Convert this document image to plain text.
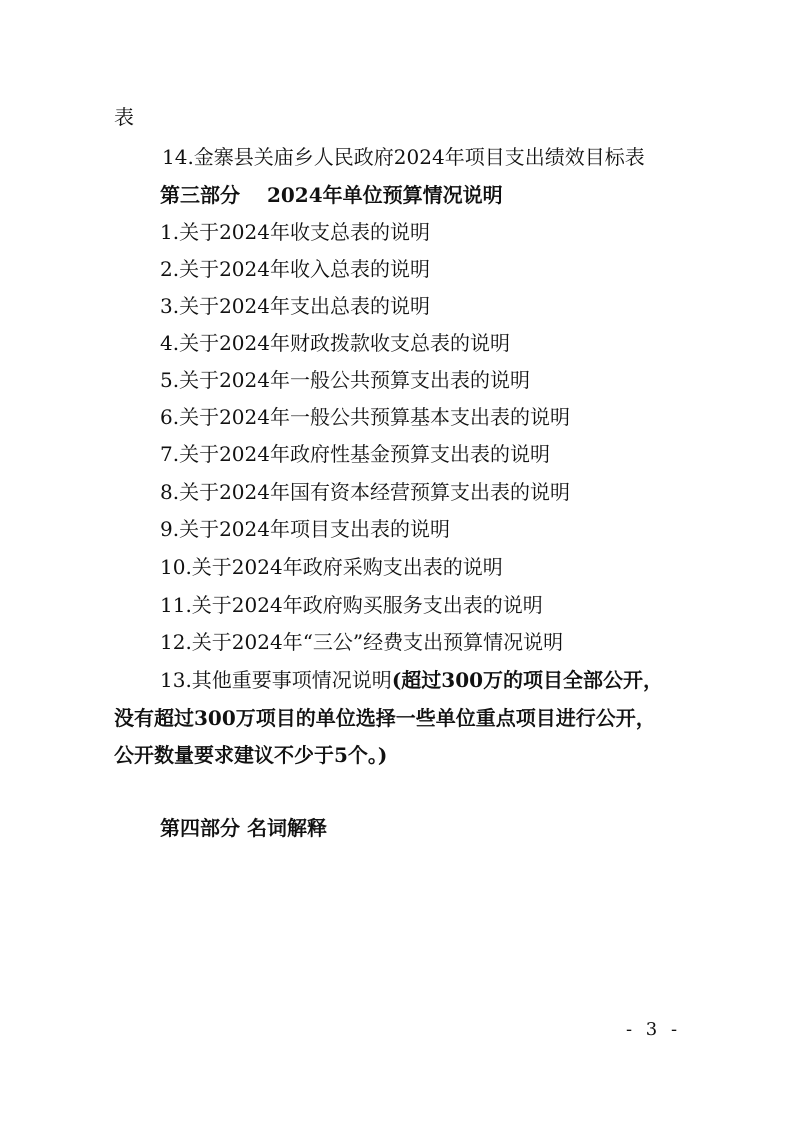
表
14.金寨县关庙乡人民政府2024年项目支出绩效目标表
第三部分　 2024年单位预算情况说明
1.关于2024年收支总表的说明
2.关于2024年收入总表的说明
3.关于2024年支出总表的说明
4.关于2024年财政拨款收支总表的说明
5.关于2024年一般公共预算支出表的说明
6.关于2024年一般公共预算基本支出表的说明
7.关于2024年政府性基金预算支出表的说明
8.关于2024年国有资本经营预算支出表的说明
9.关于2024年项目支出表的说明
10.关于2024年政府采购支出表的说明
11.关于2024年政府购买服务支出表的说明
12.关于2024年“三公”经费支出预算情况说明
13.其他重要事项情况说明(超过300万的项目全部公开，
没有超过300万项目的单位选择一些单位重点项目进行公开，
公开数量要求建议不少于5个。)
第四部分 名词解释
- 3 -
